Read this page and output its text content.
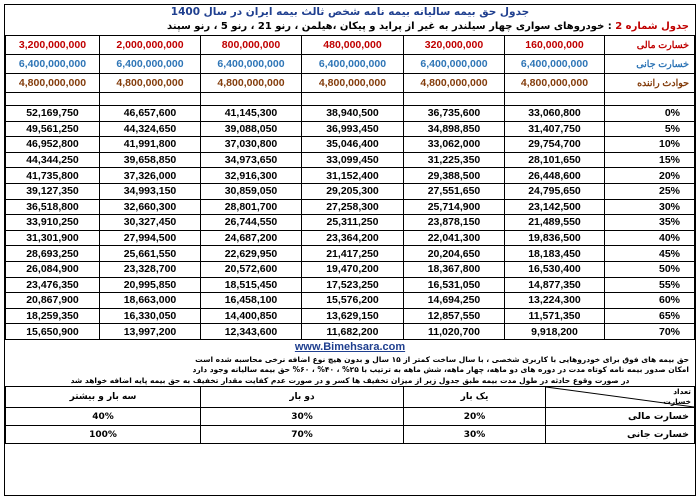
جدول حق بیمه سالیانه بیمه نامه شخص ثالث بیمه ایران در سال 1400
جدول شماره 2 : خودروهای سواری چهار سیلندر به غیر از پراید و پیکان ،هیلمن ، رنو 21 ، رنو 5 ، رنو سپند
3,200,000,000	2,000,000,000	800,000,000	480,000,000	320,000,000	160,000,000	خسارت مالی
6,400,000,000	6,400,000,000	6,400,000,000	6,400,000,000	6,400,000,000	6,400,000,000	خسارت جانی
4,800,000,000	4,800,000,000	4,800,000,000	4,800,000,000	4,800,000,000	4,800,000,000	حوادث راننده

52,169,750	46,657,600	41,145,300	38,940,500	36,735,600	33,060,800	0%
49,561,250	44,324,650	39,088,050	36,993,450	34,898,850	31,407,750	5%
46,952,800	41,991,800	37,030,800	35,046,400	33,062,000	29,754,700	10%
44,344,250	39,658,850	34,973,650	33,099,450	31,225,350	28,101,650	15%
41,735,800	37,326,000	32,916,300	31,152,400	29,388,500	26,448,600	20%
39,127,350	34,993,150	30,859,050	29,205,300	27,551,650	24,795,650	25%
36,518,800	32,660,300	28,801,700	27,258,300	25,714,900	23,142,500	30%
33,910,250	30,327,450	26,744,550	25,311,250	23,878,150	21,489,550	35%
31,301,900	27,994,500	24,687,200	23,364,200	22,041,300	19,836,500	40%
28,693,250	25,661,550	22,629,950	21,417,250	20,204,650	18,183,450	45%
26,084,900	23,328,700	20,572,600	19,470,200	18,367,800	16,530,400	50%
23,476,350	20,995,850	18,515,450	17,523,250	16,531,050	14,877,350	55%
20,867,900	18,663,000	16,458,100	15,576,200	14,694,250	13,224,300	60%
18,259,350	16,330,050	14,400,850	13,629,150	12,857,550	11,571,350	65%
15,650,900	13,997,200	12,343,600	11,682,200	11,020,700	9,918,200	70%
www.Bimehsara.com
حق بیمه های فوق برای خودروهایی با کاربری شخصی ، با سال ساخت کمتر از ۱۵ سال و بدون هیچ نوع اضافه نرخی محاسبه شده است
امکان صدور بیمه نامه کوتاه مدت در دوره های دو ماهه، چهار ماهه، شش ماهه به ترتیب با ۲۵% ، ۴۰% ، ۶۰% حق بیمه سالیانه وجود دارد
در صورت وقوع حادثه در طول مدت بیمه طبق جدول زیر از میزان تخفیف ها کسر و در صورت عدم کفایت مقدار تخفیف به حق بیمه پایه اضافه خواهد شد
سه بار و بیشتر	دو بار	یک بار	تعداد
خسارت

40%	30%	20%	خسارت مالی
100%	70%	30%	خسارت جانی
